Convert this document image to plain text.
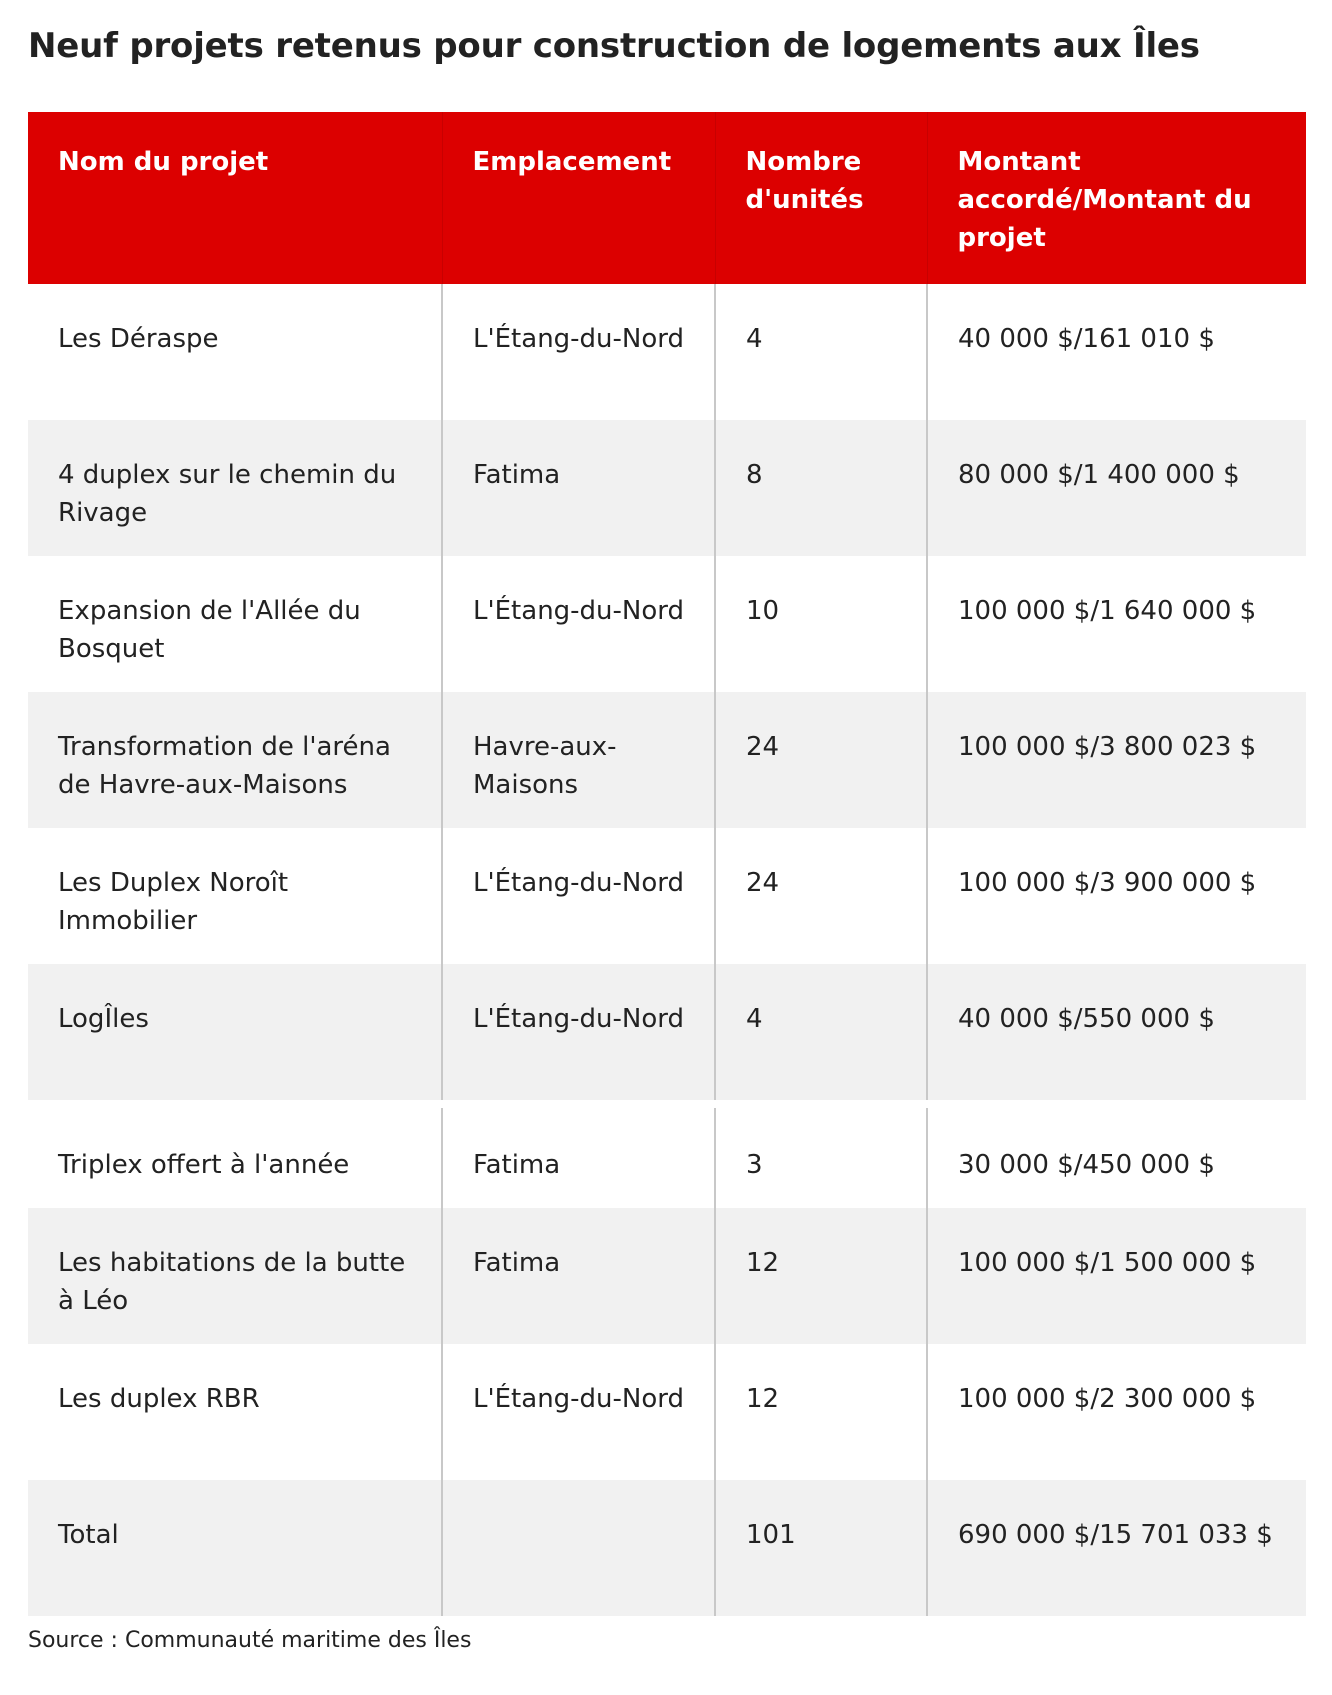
Neuf projets retenus pour construction de logements aux Îles
Nom du projet	Emplacement	Nombre d'unités	Montant accordé/Montant du projet
Les Déraspe	L'Étang-du-Nord	4	40 000 $/161 010 $
4 duplex sur le chemin du Rivage	Fatima	8	80 000 $/1 400 000 $
Expansion de l'Allée du Bosquet	L'Étang-du-Nord	10	100 000 $/1 640 000 $
Transformation de l'aréna de Havre-aux-Maisons	Havre-aux-Maisons	24	100 000 $/3 800 023 $
Les Duplex Noroît Immobilier	L'Étang-du-Nord	24	100 000 $/3 900 000 $
LogÎles	L'Étang-du-Nord	4	40 000 $/550 000 $
Triplex offert à l'année	Fatima	3	30 000 $/450 000 $
Les habitations de la butte à Léo	Fatima	12	100 000 $/1 500 000 $
Les duplex RBR	L'Étang-du-Nord	12	100 000 $/2 300 000 $
Total		101	690 000 $/15 701 033 $

Source : Communauté maritime des Îles
